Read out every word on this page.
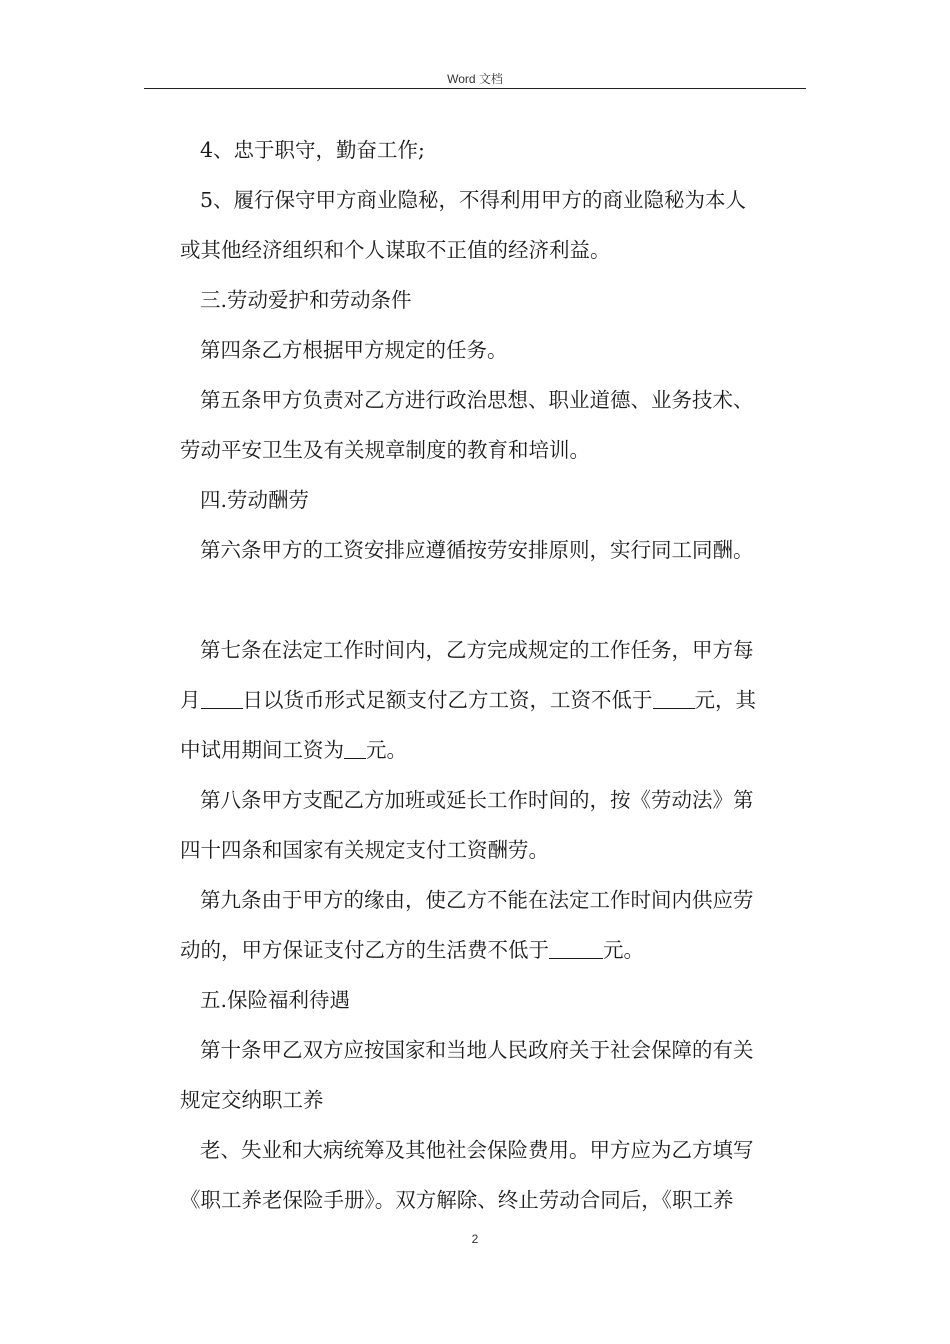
Word 文档
4、忠于职守，勤奋工作;
5、履行保守甲方商业隐秘，不得利用甲方的商业隐秘为本人
或其他经济组织和个人谋取不正值的经济利益。
三.劳动爱护和劳动条件
第四条乙方根据甲方规定的任务。
第五条甲方负责对乙方进行政治思想、职业道德、业务技术、
劳动平安卫生及有关规章制度的教育和培训。
四.劳动酬劳
第六条甲方的工资安排应遵循按劳安排原则，实行同工同酬。
第七条在法定工作时间内，乙方完成规定的工作任务，甲方每
月 日以货币形式足额支付乙方工资，工资不低于 元，其
中试用期间工资为 元。
第八条甲方支配乙方加班或延长工作时间的，按《劳动法》第
四十四条和国家有关规定支付工资酬劳。
第九条由于甲方的缘由，使乙方不能在法定工作时间内供应劳
动的，甲方保证支付乙方的生活费不低于	元。
五.保险福利待遇
第十条甲乙双方应按国家和当地人民政府关于社会保障的有关
规定交纳职工养
老、失业和大病统筹及其他社会保险费用。甲方应为乙方填写
《职工养老保险手册》。双方解除、终止劳动合同后，《职工养
2
